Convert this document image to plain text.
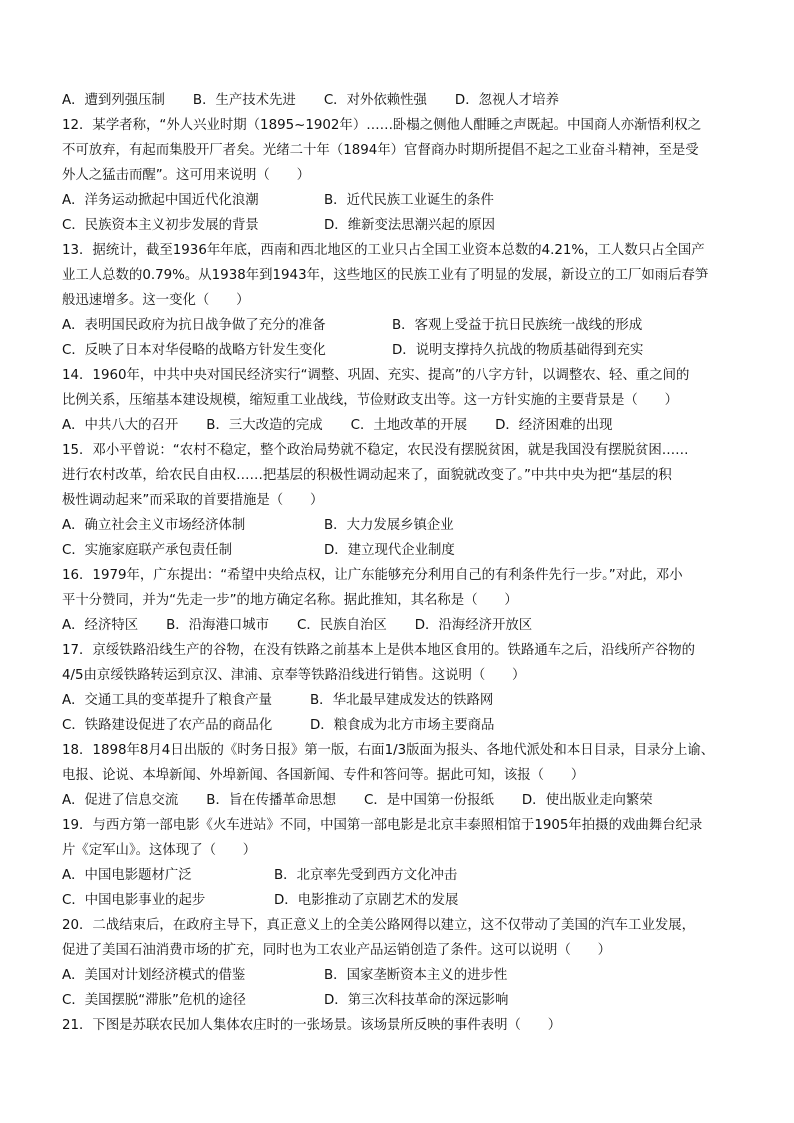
A．遭到列强压制 B．生产技术先进 C．对外依赖性强 D．忽视人才培养
12．某学者称，“外人兴业时期（1895~1902年）……卧榻之侧他人酣睡之声既起。中国商人亦渐悟利权之
不可放弃，有起而集股开厂者矣。光绪二十年（1894年）官督商办时期所提倡不起之工业奋斗精神，至是受
外人之猛击而醒”。这可用来说明（　　）
A．洋务运动掀起中国近代化浪潮	B．近代民族工业诞生的条件
C．民族资本主义初步发展的背景	D．维新变法思潮兴起的原因
13．据统计，截至1936年年底，西南和西北地区的工业只占全国工业资本总数的4.21%，工人数只占全国产
业工人总数的0.79%。从1938年到1943年，这些地区的民族工业有了明显的发展，新设立的工厂如雨后春笋
般迅速增多。这一变化（　　）
A．表明国民政府为抗日战争做了充分的准备	B．客观上受益于抗日民族统一战线的形成
C．反映了日本对华侵略的战略方针发生变化	D．说明支撑持久抗战的物质基础得到充实
14．1960年，中共中央对国民经济实行“调整、巩固、充实、提高”的八字方针，以调整农、轻、重之间的
比例关系，压缩基本建设规模，缩短重工业战线，节俭财政支出等。这一方针实施的主要背景是（　　）
A．中共八大的召开 B．三大改造的完成 C．土地改革的开展 D．经济困难的出现
15．邓小平曾说：“农村不稳定，整个政治局势就不稳定，农民没有摆脱贫困，就是我国没有摆脱贫困……
进行农村改革，给农民自由权……把基层的积极性调动起来了，面貌就改变了。”中共中央为把“基层的积
极性调动起来”而采取的首要措施是（　　）
A．确立社会主义市场经济体制	B．大力发展乡镇企业
C．实施家庭联产承包责任制	D．建立现代企业制度
16．1979年，广东提出：“希望中央给点权，让广东能够充分利用自己的有利条件先行一步。”对此，邓小
平十分赞同，并为“先走一步”的地方确定名称。据此推知，其名称是（　　）
A．经济特区 B．沿海港口城市 C．民族自治区 D．沿海经济开放区
17．京绥铁路沿线生产的谷物，在没有铁路之前基本上是供本地区食用的。铁路通车之后，沿线所产谷物的
4/5由京绥铁路转运到京汉、津浦、京奉等铁路沿线进行销售。这说明（　　）
A．交通工具的变革提升了粮食产量	B．华北最早建成发达的铁路网
C．铁路建设促进了农产品的商品化	D．粮食成为北方市场主要商品
18．1898年8月4日出版的《时务日报》第一版，右面1/3版面为报头、各地代派处和本日目录，目录分上谕、
电报、论说、本埠新闻、外埠新闻、各国新闻、专件和答问等。据此可知，该报（　　）
A．促进了信息交流 B．旨在传播革命思想 C．是中国第一份报纸 D．使出版业走向繁荣
19．与西方第一部电影《火车进站》不同，中国第一部电影是北京丰泰照相馆于1905年拍摄的戏曲舞台纪录
片《定军山》。这体现了（　　）
A．中国电影题材广泛	B．北京率先受到西方文化冲击
C．中国电影事业的起步	D．电影推动了京剧艺术的发展
20．二战结束后，在政府主导下，真正意义上的全美公路网得以建立，这不仅带动了美国的汽车工业发展，
促进了美国石油消费市场的扩充，同时也为工农业产品运销创造了条件。这可以说明（　　）
A．美国对计划经济模式的借鉴	B．国家垄断资本主义的进步性
C．美国摆脱“滞胀”危机的途径	D．第三次科技革命的深远影响
21．下图是苏联农民加人集体农庄时的一张场景。该场景所反映的事件表明（　　）
